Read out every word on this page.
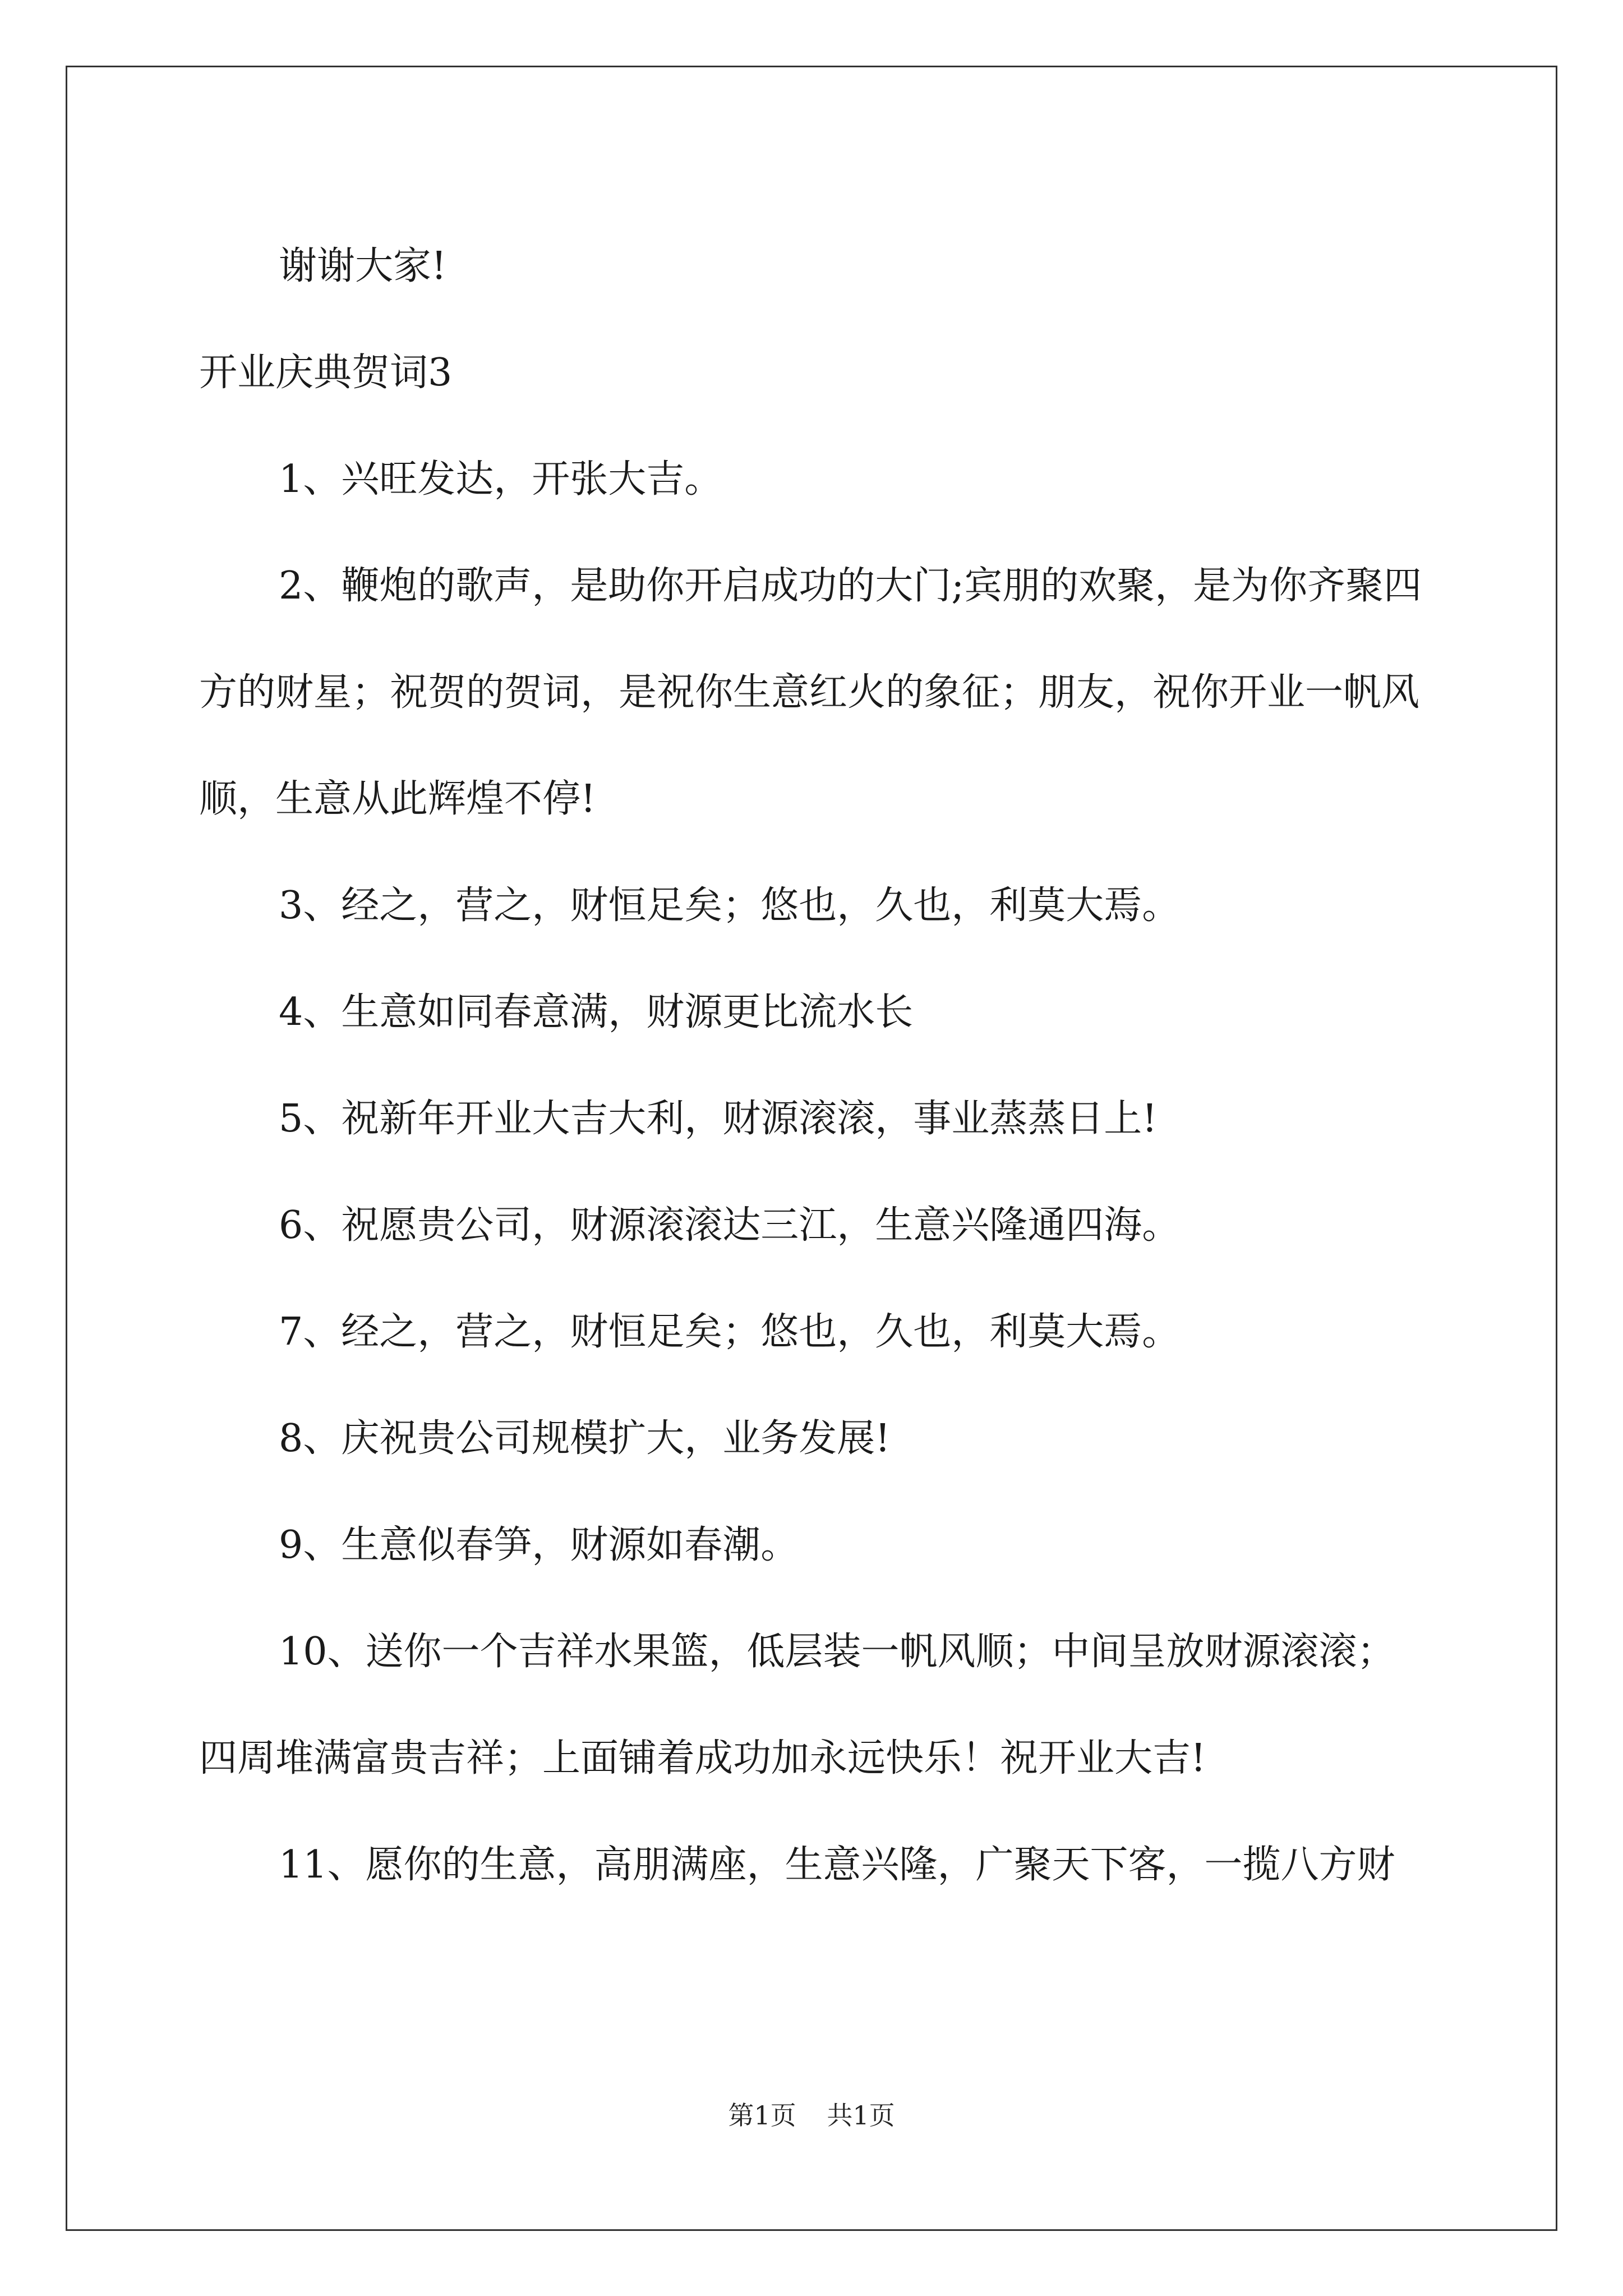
谢谢大家!

开业庆典贺词3

1、兴旺发达，开张大吉。

2、鞭炮的歌声，是助你开启成功的大门;宾朋的欢聚，是为你齐聚四方的财星；祝贺的贺词，是祝你生意红火的象征；朋友，祝你开业一帆风顺，生意从此辉煌不停!

3、经之，营之，财恒足矣；悠也，久也，利莫大焉。

4、生意如同春意满，财源更比流水长

5、祝新年开业大吉大利，财源滚滚，事业蒸蒸日上!

6、祝愿贵公司，财源滚滚达三江，生意兴隆通四海。

7、经之，营之，财恒足矣；悠也，久也，利莫大焉。

8、庆祝贵公司规模扩大，业务发展!

9、生意似春笋，财源如春潮。

10、送你一个吉祥水果篮，低层装一帆风顺；中间呈放财源滚滚；四周堆满富贵吉祥；上面铺着成功加永远快乐！祝开业大吉!

11、愿你的生意，高朋满座，生意兴隆，广聚天下客，一揽八方财

第1页 共1页
